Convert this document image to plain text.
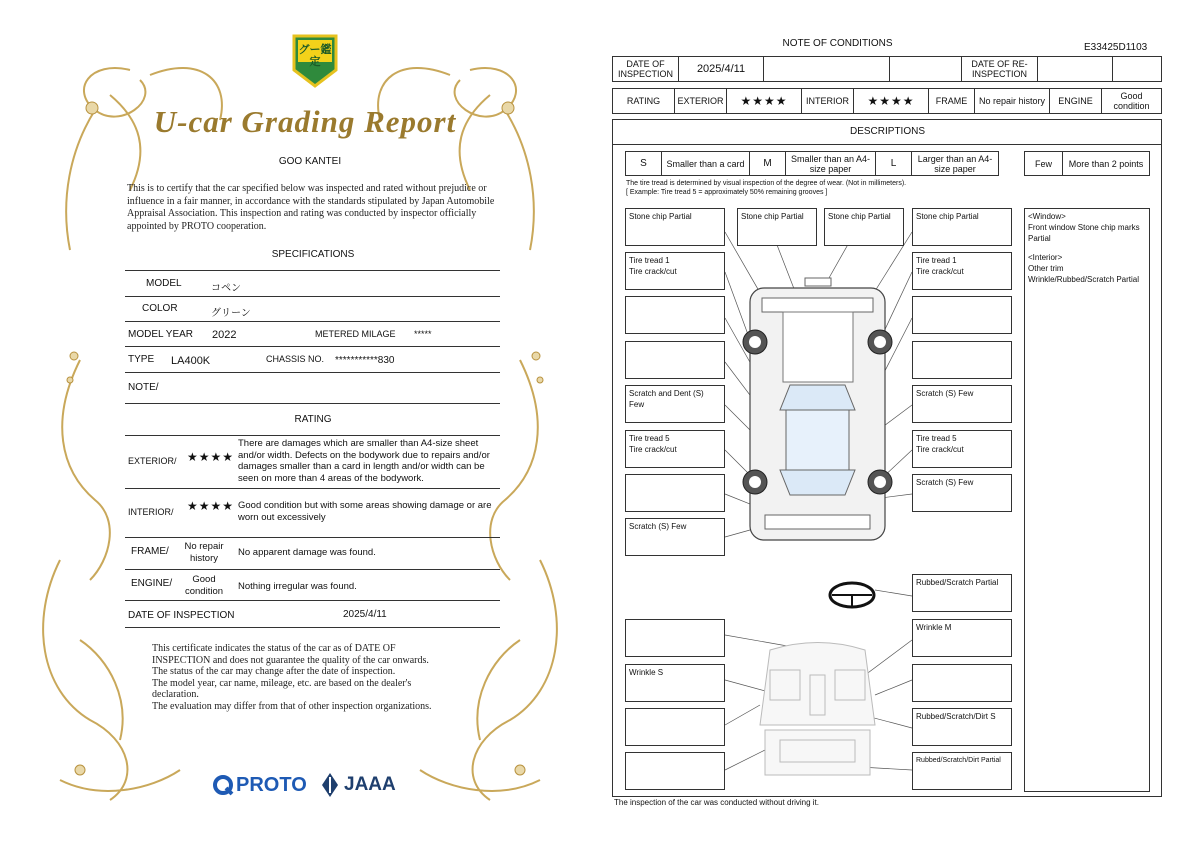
グー鑑定
U-car Grading Report
GOO KANTEI
This is to certify that the car specified below was inspected and rated without prejudice or influence in a fair manner, in accordance with the standards stipulated by Japan Automobile Appraisal Association. This inspection and rating was conducted by inspector officially appointed by PROTO cooperation.
SPECIFICATIONS
MODEL	コペン
COLOR	グリーン
MODEL YEAR 2022	METERED MILAGE *****
TYPE LA400K	CHASSIS NO. ***********830
NOTE/
RATING
EXTERIOR/ ★★★★
There are damages which are smaller than A4-size sheet and/or width. Defects on the bodywork due to repairs and/or damages smaller than a card in length and/or width can be seen on more than 4 areas of the bodywork.
INTERIOR/ ★★★★ Good condition but with some areas showing damage or are worn out excessively
FRAME/	No repair history	No apparent damage was found.
ENGINE/	Good condition	Nothing irregular was found.
DATE OF INSPECTION	2025/4/11
This certificate indicates the status of the car as of DATE OF
INSPECTION and does not guarantee the quality of the car onwards.
The status of the car may change after the date of inspection.
The model year, car name, mileage, etc. are based on the dealer's
declaration.
The evaluation may differ from that of other inspection organizations.
PROTO JAAA
NOTE OF CONDITIONS	E33425D1103
DATE OF INSPECTION	2025/4/11	DATE OF RE-INSPECTION
RATING	EXTERIOR	★★★★	INTERIOR	★★★★	FRAME	No repair history	ENGINE	Good condition
DESCRIPTIONS
S	Smaller than a card	M	Smaller than an A4-size paper	L	Larger than an A4-size paper	Few	More than 2 points
The tire tread is determined by visual inspection of the degree of wear. (Not in millimeters).
[ Example: Tire tread 5 = approximately 50% remaining grooves ]
Stone chip Partial	Stone chip Partial	Stone chip Partial	Stone chip Partial
Tire tread 1
Tire crack/cut
Tire tread 1
Tire crack/cut
Scratch and Dent (S) Few
Scratch (S) Few
Tire tread 5
Tire crack/cut
Tire tread 5
Tire crack/cut
Scratch (S) Few
Scratch (S) Few
Rubbed/Scratch Partial
Wrinkle M
Wrinkle S
Rubbed/Scratch/Dirt S
Rubbed/Scratch/Dirt Partial
<Window>
Front window Stone chip marks Partial
<Interior>
Other trim Wrinkle/Rubbed/Scratch Partial
The inspection of the car was conducted without driving it.
